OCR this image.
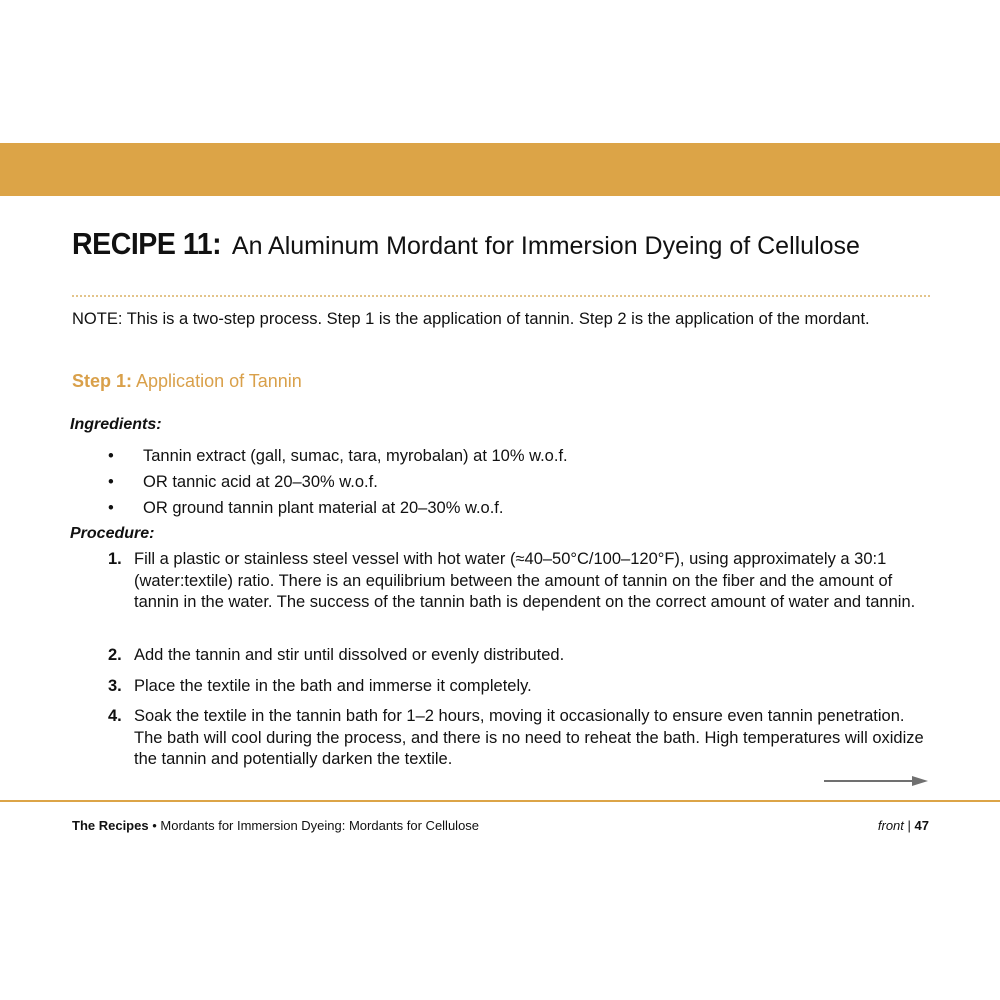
RECIPE 11: An Aluminum Mordant for Immersion Dyeing of Cellulose
NOTE: This is a two-step process. Step 1 is the application of tannin. Step 2 is the application of the mordant.
Step 1: Application of Tannin
Ingredients:
• Tannin extract (gall, sumac, tara, myrobalan) at 10% w.o.f.
• OR tannic acid at 20–30% w.o.f.
• OR ground tannin plant material at 20–30% w.o.f.
Procedure:
1. Fill a plastic or stainless steel vessel with hot water (≈40–50°C/100–120°F), using approximately a 30:1 (water:textile) ratio. There is an equilibrium between the amount of tannin on the fiber and the amount of tannin in the water. The success of the tannin bath is dependent on the correct amount of water and tannin.
2. Add the tannin and stir until dissolved or evenly distributed.
3. Place the textile in the bath and immerse it completely.
4. Soak the textile in the tannin bath for 1–2 hours, moving it occasionally to ensure even tannin penetration. The bath will cool during the process, and there is no need to reheat the bath. High temperatures will oxidize the tannin and potentially darken the textile.
The Recipes • Mordants for Immersion Dyeing: Mordants for Cellulose	front | 47
